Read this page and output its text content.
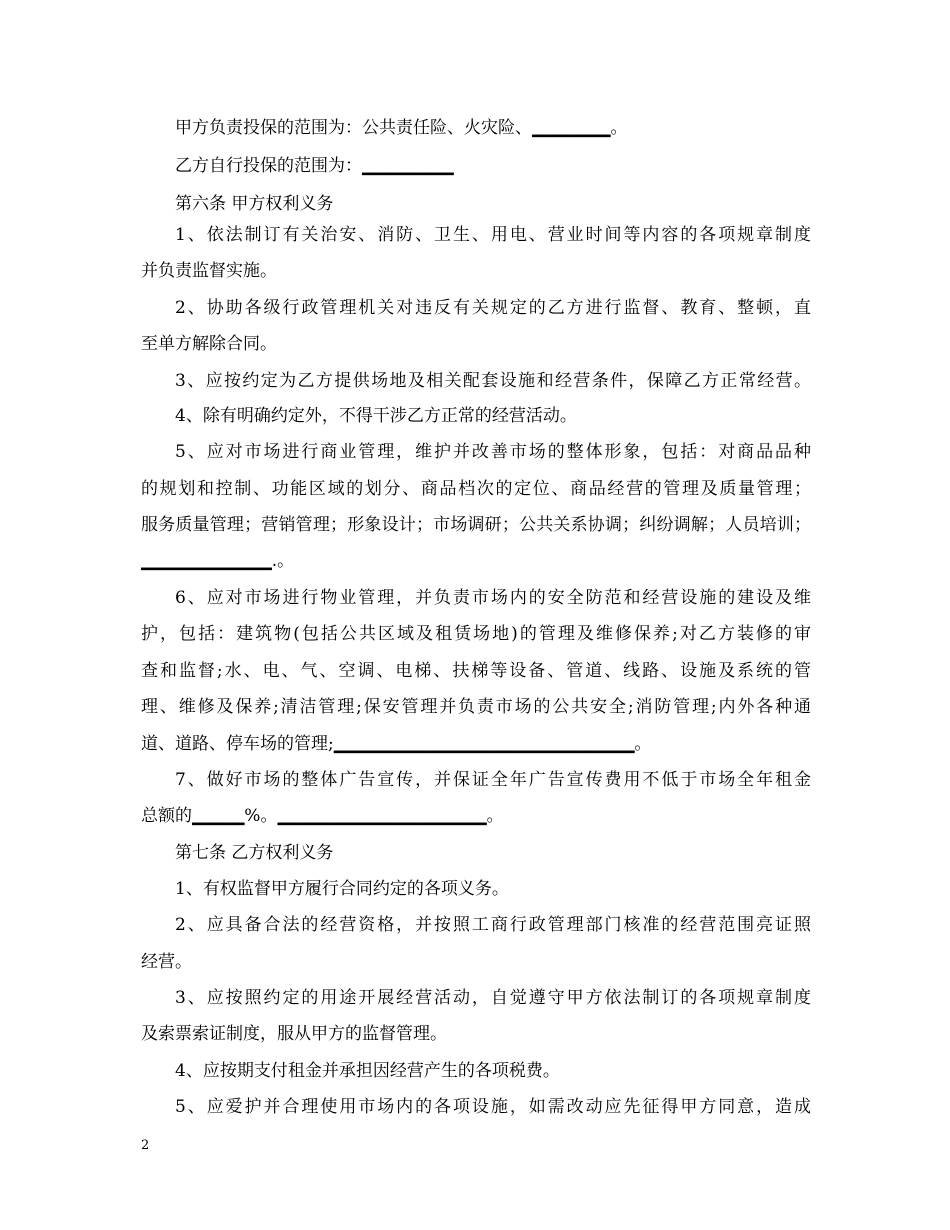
甲方负责投保的范围为：公共责任险、火灾险、▁▁▁▁▁▁。
乙方自行投保的范围为：▁▁▁▁▁▁▁
第六条 甲方权利义务
1、依法制订有关治安、消防、卫生、用电、营业时间等内容的各项规章制度
并负责监督实施。
2、协助各级行政管理机关对违反有关规定的乙方进行监督、教育、整顿，直
至单方解除合同。
3、应按约定为乙方提供场地及相关配套设施和经营条件，保障乙方正常经营。
4、除有明确约定外，不得干涉乙方正常的经营活动。
5、应对市场进行商业管理，维护并改善市场的整体形象，包括：对商品品种
的规划和控制、功能区域的划分、商品档次的定位、商品经营的管理及质量管理；
服务质量管理；营销管理；形象设计；市场调研；公共关系协调；纠纷调解；人员培训；
▁▁▁▁▁▁▁▁▁▁.。
6、应对市场进行物业管理，并负责市场内的安全防范和经营设施的建设及维
护，包括：建筑物(包括公共区域及租赁场地)的管理及维修保养;对乙方装修的审
查和监督;水、电、气、空调、电梯、扶梯等设备、管道、线路、设施及系统的管
理、维修及保养;清洁管理;保安管理并负责市场的公共安全;消防管理;内外各种通
道、道路、停车场的管理;▁▁▁▁▁▁▁▁▁▁▁▁▁▁▁▁▁▁▁▁▁▁▁。
7、做好市场的整体广告宣传，并保证全年广告宣传费用不低于市场全年租金
总额的▁▁▁▁%。▁▁▁▁▁▁▁▁▁▁▁▁▁▁▁▁。
第七条 乙方权利义务
1、有权监督甲方履行合同约定的各项义务。
2、应具备合法的经营资格，并按照工商行政管理部门核准的经营范围亮证照
经营。
3、应按照约定的用途开展经营活动，自觉遵守甲方依法制订的各项规章制度
及索票索证制度，服从甲方的监督管理。
4、应按期支付租金并承担因经营产生的各项税费。
5、应爱护并合理使用市场内的各项设施，如需改动应先征得甲方同意，造成
2
